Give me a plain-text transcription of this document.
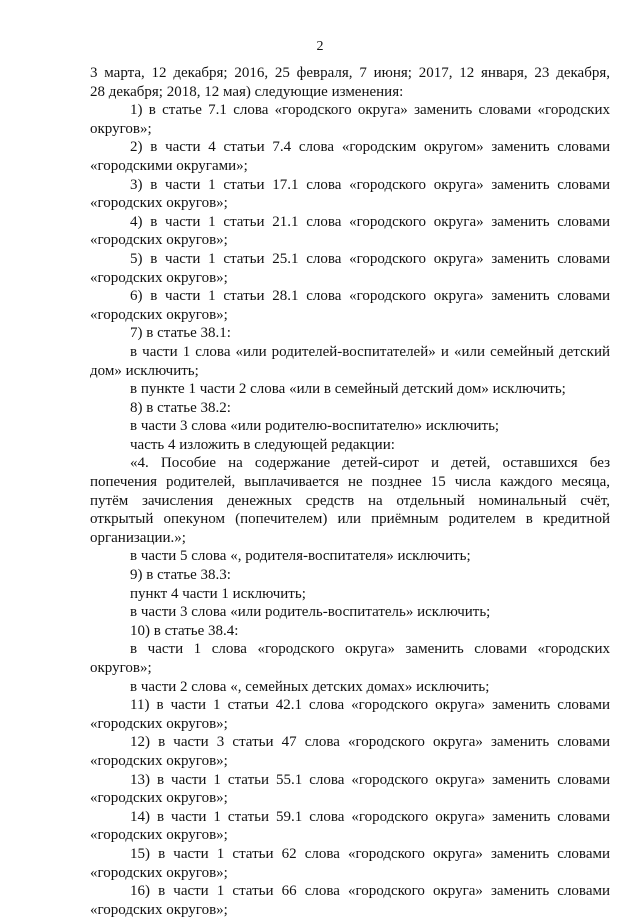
2
3 марта, 12 декабря; 2016, 25 февраля, 7 июня; 2017, 12 января, 23 декабря,
28 декабря; 2018, 12 мая) следующие изменения:
1) в статье 7.1 слова «городского округа» заменить словами «городских
округов»;
2) в части 4 статьи 7.4 слова «городским округом» заменить словами
«городскими округами»;
3) в части 1 статьи 17.1 слова «городского округа» заменить словами
«городских округов»;
4) в части 1 статьи 21.1 слова «городского округа» заменить словами
«городских округов»;
5) в части 1 статьи 25.1 слова «городского округа» заменить словами
«городских округов»;
6) в части 1 статьи 28.1 слова «городского округа» заменить словами
«городских округов»;
7) в статье 38.1:
в части 1 слова «или родителей-воспитателей» и «или семейный детский
дом» исключить;
в пункте 1 части 2 слова «или в семейный детский дом» исключить;
8) в статье 38.2:
в части 3 слова «или родителю-воспитателю» исключить;
часть 4 изложить в следующей редакции:
«4. Пособие на содержание детей-сирот и детей, оставшихся без
попечения родителей, выплачивается не позднее 15 числа каждого месяца,
путём зачисления денежных средств на отдельный номинальный счёт,
открытый опекуном (попечителем) или приёмным родителем в кредитной
организации.»;
в части 5 слова «, родителя-воспитателя» исключить;
9) в статье 38.3:
пункт 4 части 1 исключить;
в части 3 слова «или родитель-воспитатель» исключить;
10) в статье 38.4:
в части 1 слова «городского округа» заменить словами «городских
округов»;
в части 2 слова «, семейных детских домах» исключить;
11) в части 1 статьи 42.1 слова «городского округа» заменить словами
«городских округов»;
12) в части 3 статьи 47 слова «городского округа» заменить словами
«городских округов»;
13) в части 1 статьи 55.1 слова «городского округа» заменить словами
«городских округов»;
14) в части 1 статьи 59.1 слова «городского округа» заменить словами
«городских округов»;
15) в части 1 статьи 62 слова «городского округа» заменить словами
«городских округов»;
16) в части 1 статьи 66 слова «городского округа» заменить словами
«городских округов»;
